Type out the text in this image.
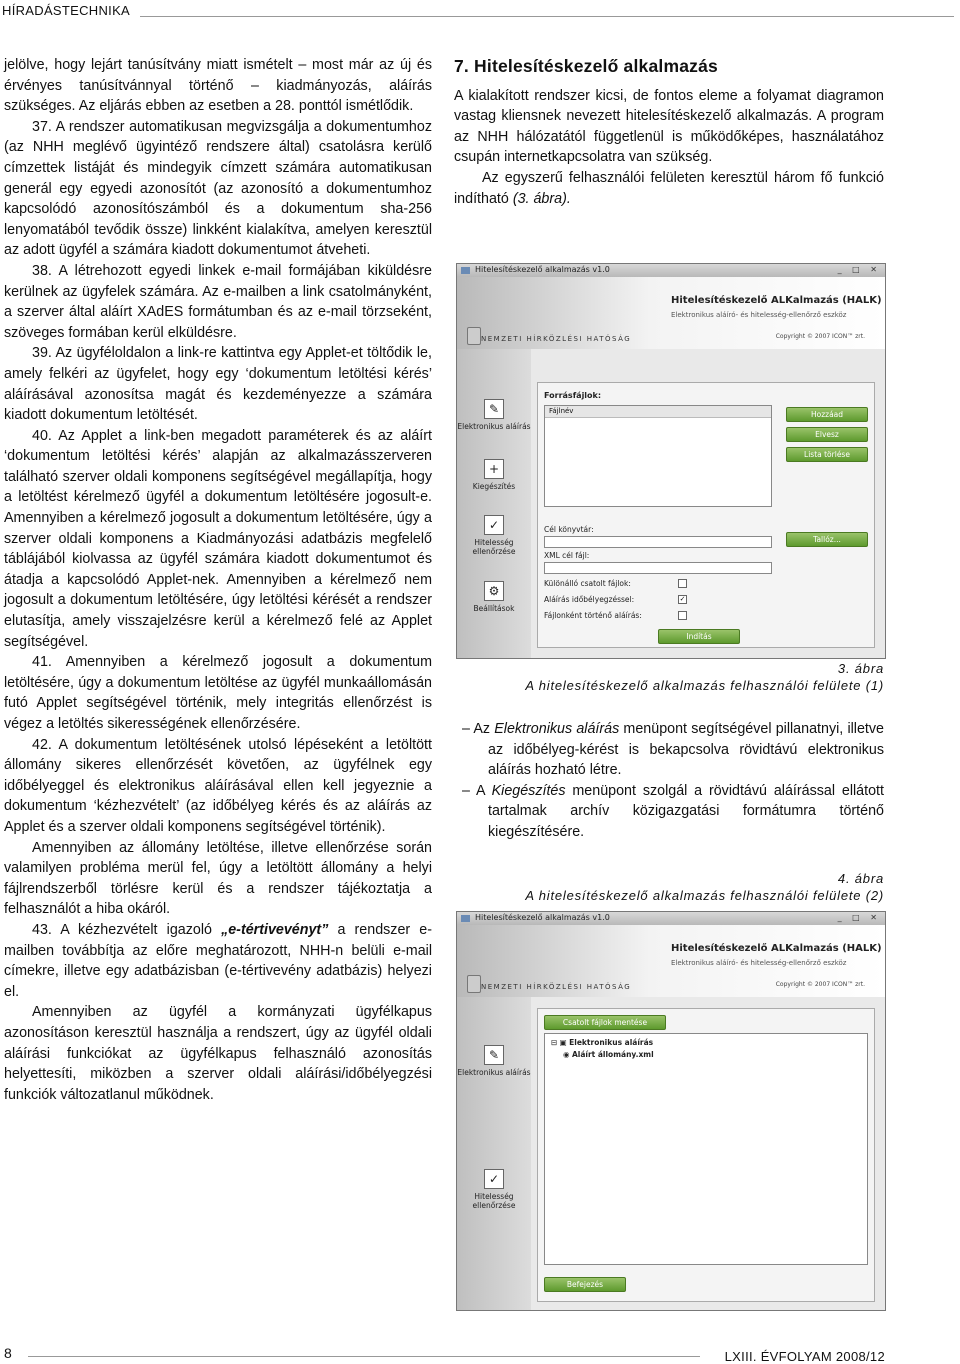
HÍRADÁSTECHNIKA

jelölve, hogy lejárt tanúsítvány miatt ismételt – most már az új és érvényes tanúsítvánnyal történő – kiadmányozás, aláírás szükséges. Az eljárás ebben az esetben a 28. ponttól ismétlődik.

37. A rendszer automatikusan megvizsgálja a dokumentumhoz (az NHH meglévő ügyintéző rendszere által) csatolásra kerülő címzettek listáját és mindegyik címzett számára automatikusan generál egy egyedi azonosítót (az azonosító a dokumentumhoz kapcsolódó azonosítószámból és a dokumentum sha-256 lenyomatából tevődik össze) linkként kialakítva, amelyen keresztül az adott ügyfél a számára kiadott dokumentumot átveheti.

38. A létrehozott egyedi linkek e-mail formájában kiküldésre kerülnek az ügyfelek számára. Az e-mailben a link csatolmányként, a szerver által aláírt XAdES formátumban és az e-mail törzseként, szöveges formában kerül elküldésre.

39. Az ügyféloldalon a link-re kattintva egy Applet-et töltődik le, amely felkéri az ügyfelet, hogy egy ‘dokumentum letöltési kérés’ aláírásával azonosítsa magát és kezdeményezze a számára kiadott dokumentum letöltését.

40. Az Applet a link-ben megadott paraméterek és az aláírt ‘dokumentum letöltési kérés’ alapján az alkalmazásszerveren található szerver oldali komponens segítségével megállapítja, hogy a letöltést kérelmező ügyfél a dokumentum letöltésére jogosult-e. Amennyiben a kérelmező jogosult a dokumentum letöltésére, úgy a szerver oldali komponens a Kiadmányozási adatbázis megfelelő táblájából kiolvassa az ügyfél számára kiadott dokumentumot és átadja a kapcsolódó Applet-nek. Amennyiben a kérelmező nem jogosult a dokumentum letöltésére, úgy letöltési kérését a rendszer elutasítja, amely visszajelzésre kerül a kérelmező felé az Applet segítségével.

41. Amennyiben a kérelmező jogosult a dokumentum letöltésére, úgy a dokumentum letöltése az ügyfél munkaállomásán futó Applet segítségével történik, mely integritás ellenőrzést is végez a letöltés sikerességének ellenőrzésére.

42. A dokumentum letöltésének utolsó lépéseként a letöltött állomány sikeres ellenőrzését követően, az ügyfélnek egy időbélyeggel és elektronikus aláírásával ellen kell jegyeznie a dokumentum ‘kézhezvételt’ (az időbélyeg kérés és az aláírás az Applet és a szerver oldali komponens segítségével történik).

Amennyiben az állomány letöltése, illetve ellenőrzése során valamilyen probléma merül fel, úgy a letöltött állomány a helyi fájlrendszerből törlésre kerül és a rendszer tájékoztatja a felhasználót a hiba okáról.

43. A kézhezvételt igazoló „e-tértivevényt” a rendszer e-mailben továbbítja az előre meghatározott, NHH-n belüli e-mail címekre, illetve egy adatbázisban (e-tértivevény adatbázis) helyezi el.

Amennyiben az ügyfél a kormányzati ügyfélkapus azonosításon keresztül használja a rendszert, úgy az ügyfél oldali aláírási funkciókat az ügyfélkapus felhasználó azonosítás helyettesíti, miközben a szerver oldali aláírási/időbélyegzési funkciók változatlanul működnek.

7. Hitelesítéskezelő alkalmazás

A kialakított rendszer kicsi, de fontos eleme a folyamat diagramon vastag kliensnek nevezett hitelesítéskezelő alkalmazás. A program az NHH hálózatától függetlenül is működőképes, használatához csupán internetkapcsolatra van szükség.

Az egyszerű felhasználói felületen keresztül három fő funkció indítható (3. ábra).

Hitelesítéskezelő alkalmazás v1.0	_ □ ✕
Hitelesítéskezelő ALKalmazás (HALK)
Elektronikus aláíró- és hitelesség-ellenőrző eszköz
NEMZETI HÍRKÖZLÉSI HATÓSÁG	Copyright © 2007 ICON™ zrt.
✎
Elektronikus aláírás
+
Kiegészítés
✓
Hitelesség ellenőrzése
⚙
Beállítások
Forrásfájlok:
Fájlnév	Hozzáad
Elvesz
Lista törlése
Cél könyvtár:
Tallóz...
XML cél fájl:
Különálló csatolt fájlok:
Aláírás időbélyegzéssel:	✓
Fájlonként történő aláírás:
Indítás
3. ábra
A hitelesítéskezelő alkalmazás felhasználói felülete (1)

– Az Elektronikus aláírás menüpont segítségével pillanatnyi, illetve az időbélyeg-kérést is bekapcsolva rövidtávú elektronikus aláírás hozható létre.

– A Kiegészítés menüpont szolgál a rövidtávú aláírással ellátott tartalmak archív közigazgatási formátumra történő kiegészítésére.

4. ábra
A hitelesítéskezelő alkalmazás felhasználói felülete (2)
Hitelesítéskezelő alkalmazás v1.0	_ □ ✕
Hitelesítéskezelő ALKalmazás (HALK)
Elektronikus aláíró- és hitelesség-ellenőrző eszköz
NEMZETI HÍRKÖZLÉSI HATÓSÁG	Copyright © 2007 ICON™ zrt.
✎
Elektronikus aláírás
✓
Hitelesség ellenőrzése
Csatolt fájlok mentése
⊟ ▣ Elektronikus aláírás
◉ Aláírt állomány.xml
Befejezés
8	LXIII. ÉVFOLYAM 2008/12
